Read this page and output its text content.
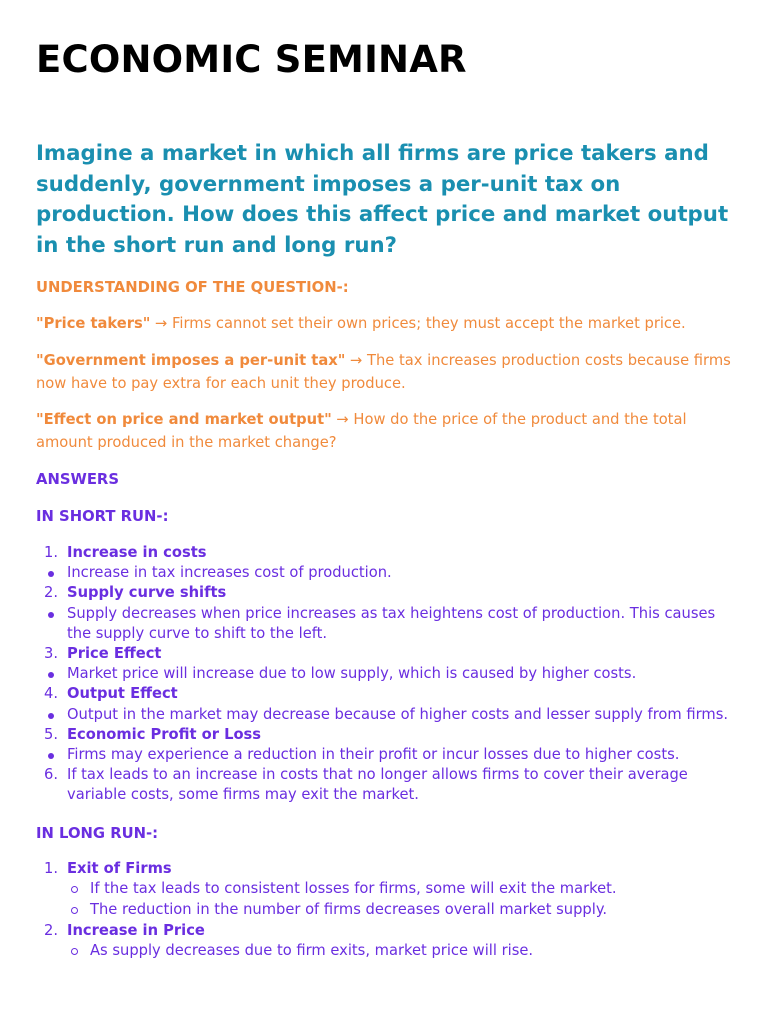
ECONOMIC SEMINAR
Imagine a market in which all firms are price takers and suddenly, government imposes a per-unit tax on production. How does this affect price and market output in the short run and long run?
UNDERSTANDING OF THE QUESTION-:
"Price takers" → Firms cannot set their own prices; they must accept the market price.
"Government imposes a per-unit tax" → The tax increases production costs because firms now have to pay extra for each unit they produce.
"Effect on price and market output" → How do the price of the product and the total amount produced in the market change?
ANSWERS
IN SHORT RUN-:
1. Increase in costs
Increase in tax increases cost of production.
2. Supply curve shifts
Supply decreases when price increases as tax heightens cost of production. This causes the supply curve to shift to the left.
3. Price Effect
Market price will increase due to low supply, which is caused by higher costs.
4. Output Effect
Output in the market may decrease because of higher costs and lesser supply from firms.
5. Economic Profit or Loss
Firms may experience a reduction in their profit or incur losses due to higher costs.
6. If tax leads to an increase in costs that no longer allows firms to cover their average variable costs, some firms may exit the market.
IN LONG RUN-:
1. Exit of Firms
If the tax leads to consistent losses for firms, some will exit the market.
The reduction in the number of firms decreases overall market supply.
2. Increase in Price
As supply decreases due to firm exits, market price will rise.
